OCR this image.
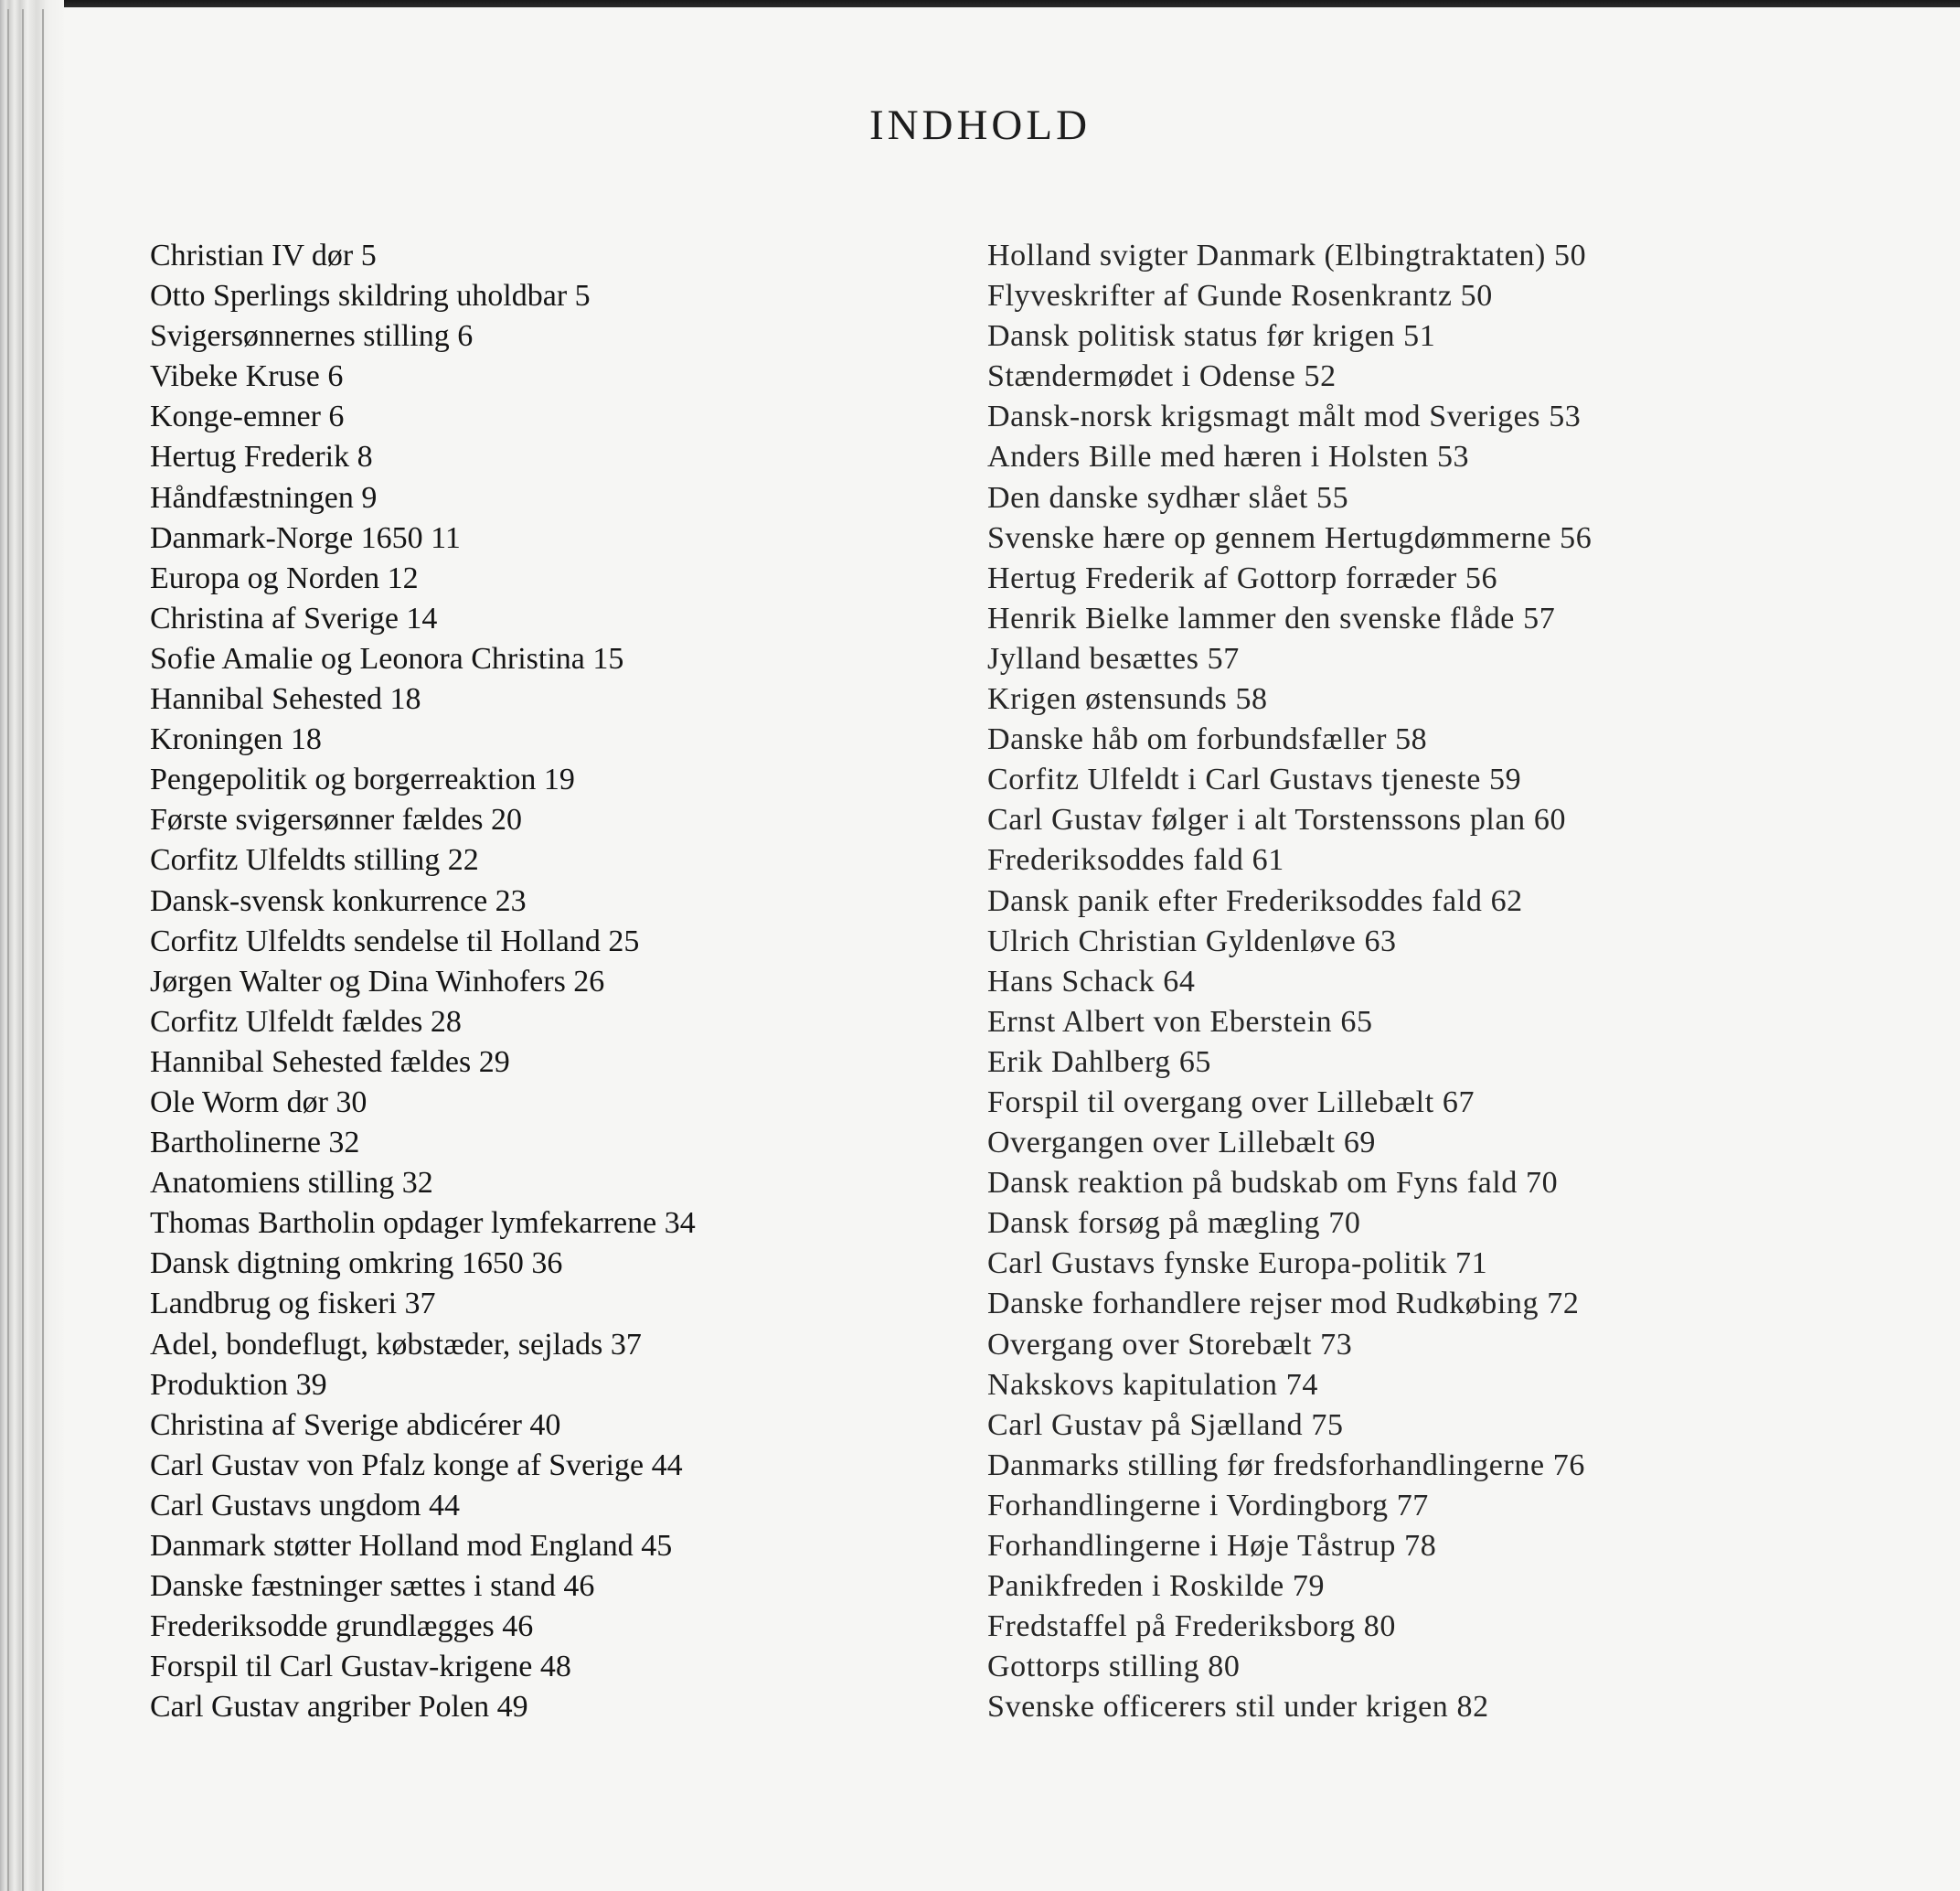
INDHOLD
Christian IV dør 5
Otto Sperlings skildring uholdbar 5
Svigersønnernes stilling 6
Vibeke Kruse 6
Konge-emner 6
Hertug Frederik 8
Håndfæstningen 9
Danmark-Norge 1650 11
Europa og Norden 12
Christina af Sverige 14
Sofie Amalie og Leonora Christina 15
Hannibal Sehested 18
Kroningen 18
Pengepolitik og borgerreaktion 19
Første svigersønner fældes 20
Corfitz Ulfeldts stilling 22
Dansk-svensk konkurrence 23
Corfitz Ulfeldts sendelse til Holland 25
Jørgen Walter og Dina Winhofers 26
Corfitz Ulfeldt fældes 28
Hannibal Sehested fældes 29
Ole Worm dør 30
Bartholinerne 32
Anatomiens stilling 32
Thomas Bartholin opdager lymfekarrene 34
Dansk digtning omkring 1650 36
Landbrug og fiskeri 37
Adel, bondeflugt, købstæder, sejlads 37
Produktion 39
Christina af Sverige abdicérer 40
Carl Gustav von Pfalz konge af Sverige 44
Carl Gustavs ungdom 44
Danmark støtter Holland mod England 45
Danske fæstninger sættes i stand 46
Frederiksodde grundlægges 46
Forspil til Carl Gustav-krigene 48
Carl Gustav angriber Polen 49
Holland svigter Danmark (Elbingtraktaten) 50
Flyveskrifter af Gunde Rosenkrantz 50
Dansk politisk status før krigen 51
Stændermødet i Odense 52
Dansk-norsk krigsmagt målt mod Sveriges 53
Anders Bille med hæren i Holsten 53
Den danske sydhær slået 55
Svenske hære op gennem Hertugdømmerne 56
Hertug Frederik af Gottorp forræder 56
Henrik Bielke lammer den svenske flåde 57
Jylland besættes 57
Krigen østensunds 58
Danske håb om forbundsfæller 58
Corfitz Ulfeldt i Carl Gustavs tjeneste 59
Carl Gustav følger i alt Torstenssons plan 60
Frederiksoddes fald 61
Dansk panik efter Frederiksoddes fald 62
Ulrich Christian Gyldenløve 63
Hans Schack 64
Ernst Albert von Eberstein 65
Erik Dahlberg 65
Forspil til overgang over Lillebælt 67
Overgangen over Lillebælt 69
Dansk reaktion på budskab om Fyns fald 70
Dansk forsøg på mægling 70
Carl Gustavs fynske Europa-politik 71
Danske forhandlere rejser mod Rudkøbing 72
Overgang over Storebælt 73
Nakskovs kapitulation 74
Carl Gustav på Sjælland 75
Danmarks stilling før fredsforhandlingerne 76
Forhandlingerne i Vordingborg 77
Forhandlingerne i Høje Tåstrup 78
Panikfreden i Roskilde 79
Fredstaffel på Frederiksborg 80
Gottorps stilling 80
Svenske officerers stil under krigen 82
